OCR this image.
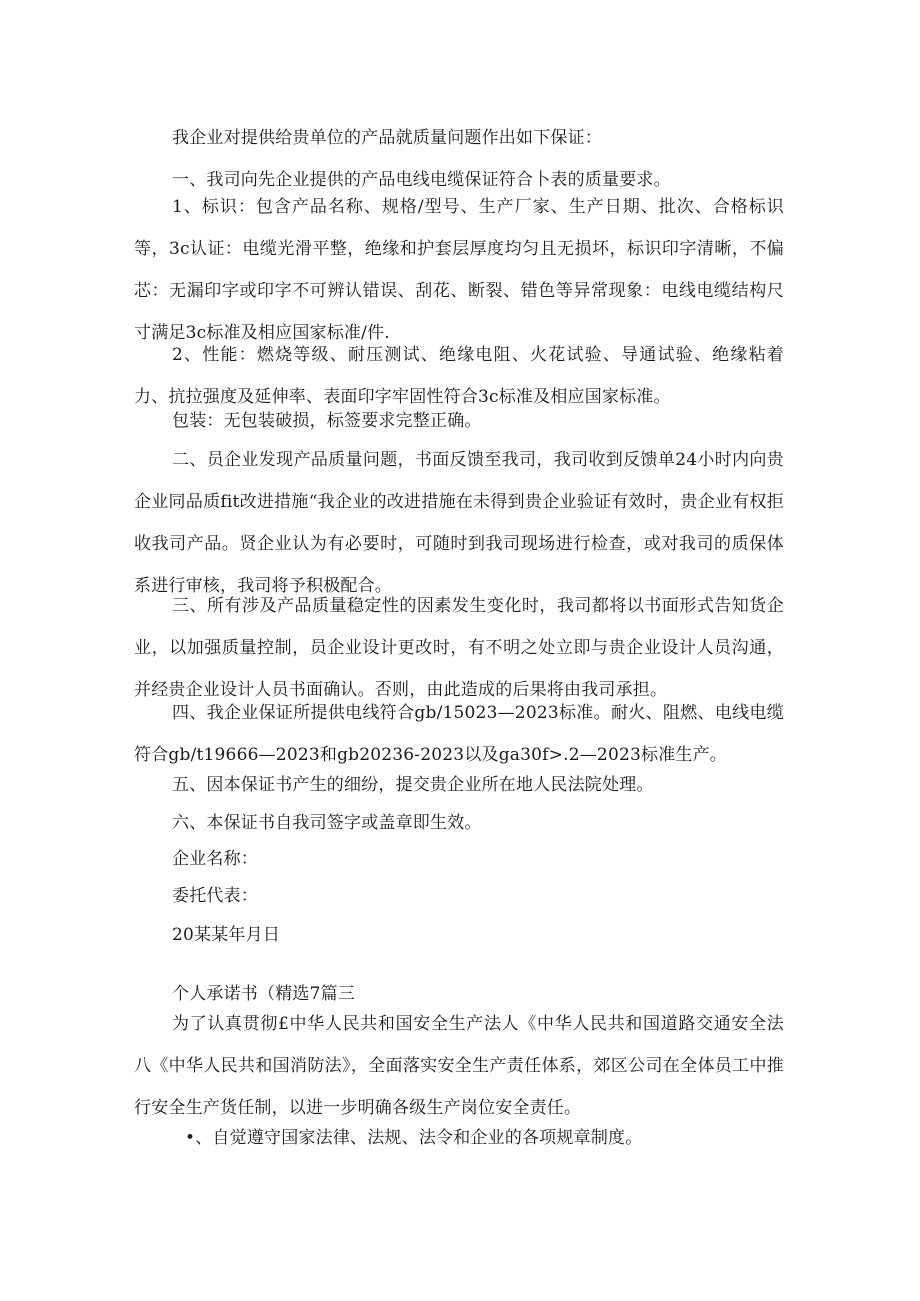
我企业对提供给贵单位的产品就质量问题作出如下保证：

一、我司向先企业提供的产品电线电缆保证符合卜表的质量要求。

1、标识：包含产品名称、规格/型号、生产厂家、生产日期、批次、合格标识等，3c认证：电缆光滑平整，绝缘和护套层厚度均匀且无损坏，标识印字清晰，不偏芯：无漏印字或印字不可辨认错误、刮花、断裂、错色等异常现象：电线电缆结构尺寸满足3c标准及相应国家标准/件.

2、性能：燃烧等级、耐压测试、绝缘电阻、火花试验、导通试验、绝缘粘着力、抗拉强度及延伸率、表面印字牢固性符合3c标准及相应国家标准。

包装：无包装破损，标签要求完整正确。

二、员企业发现产品质量问题，书面反馈至我司，我司收到反馈单24小时内向贵企业同品质fit改进措施“我企业的改进措施在未得到贵企业验证有效时，贵企业有权拒收我司产品。贤企业认为有必要时，可随时到我司现场进行检查，或对我司的质保体系进行审核，我司将予积极配合。

三、所有涉及产品质量稳定性的因素发生变化时，我司都将以书面形式告知货企业，以加强质量控制，员企业设计更改时，有不明之处立即与贵企业设计人员沟通，并经贵企业设计人员书面确认。否则，由此造成的后果将由我司承担。

四、我企业保证所提供电线符合gb/15023—2023标准。耐火、阻燃、电线电缆符合gb/t19666—2023和gb20236-2023以及ga30f>.2—2023标准生产。

五、因本保证书产生的细纷，提交贵企业所在地人民法院处理。

六、本保证书自我司签字或盖章即生效。

企业名称：

委托代表：

20某某年月日

个人承诺书（精选7篇三

为了认真贯彻£中华人民共和国安全生产法人《中华人民共和国道路交通安全法八《中华人民共和国消防法》，全面落实安全生产责任体系，郊区公司在全体员工中推行安全生产货任制，以进一步明确各级生产岗位安全责任。

•、自觉遵守国家法律、法规、法令和企业的各项规章制度。
